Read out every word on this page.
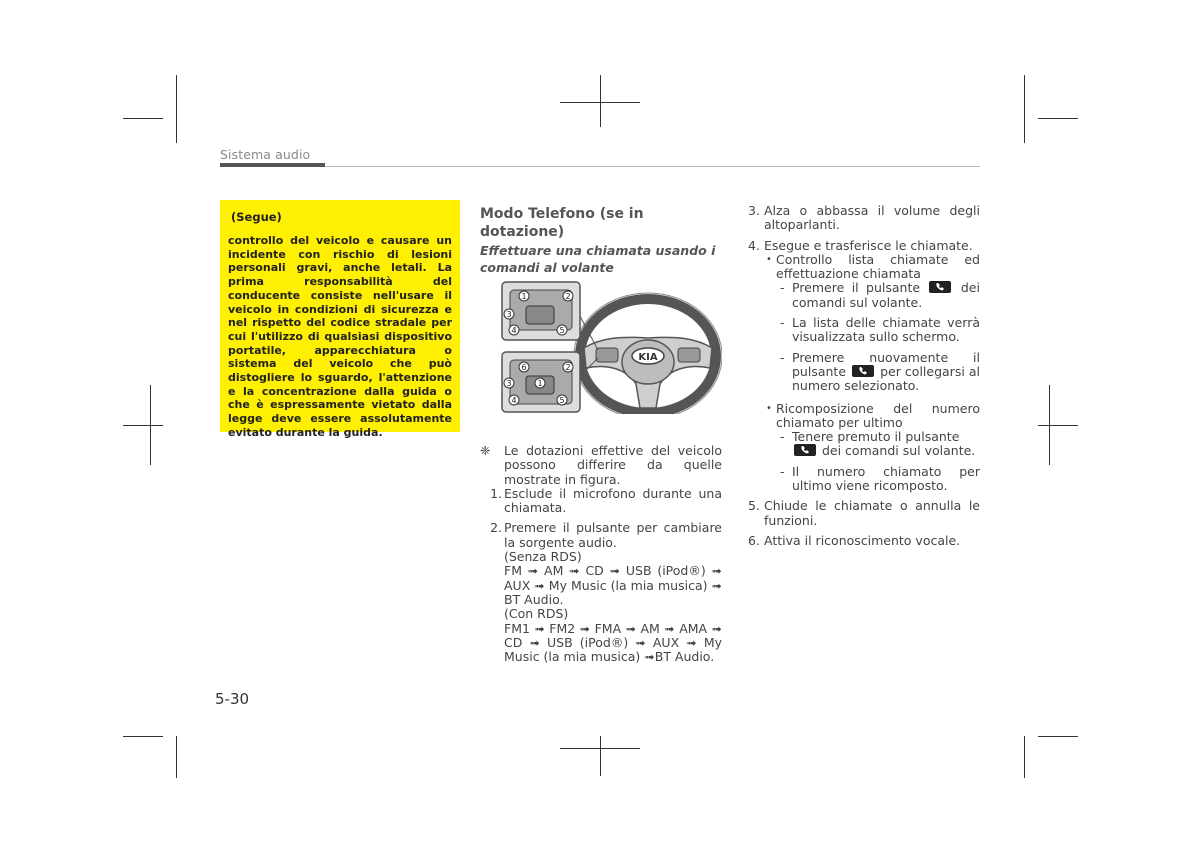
Sistema audio
(Segue)
controllo del veicolo e causare un incidente con rischio di lesioni personali gravi, anche letali. La prima responsabilità del conducente consiste nell'usare il veicolo in condizioni di sicurezza e nel rispetto del codice stradale per cui l'utilizzo di qualsiasi dispositivo portatile, apparecchiatura o sistema del veicolo che può distogliere lo sguardo, l'attenzione e la concentrazione dalla guida o che è espressamente vietato dalla legge deve essere assolutamente evitato durante la guida.
Modo Telefono (se in dotazione)
Effettuare una chiamata usando i comandi al volante
KIA
1	2
3
4	5
6	2
3	1
4	5
❈	Le dotazioni effettive del veicolo possono differire da quelle mostrate in figura.
1. Esclude il microfono durante una chiamata.
2. Premere il pulsante per cambiare la sorgente audio.
(Senza RDS)
FM ➟ AM ➟ CD ➟ USB (iPod®) ➟ AUX ➟ My Music (la mia musica) ➟ BT Audio.
(Con RDS)
FM1 ➟ FM2 ➟ FMA ➟ AM ➟ AMA ➟ CD ➟ USB (iPod®) ➟ AUX ➟ My Music (la mia musica) ➟BT Audio.
3. Alza o abbassa il volume degli altoparlanti.
4. Esegue e trasferisce le chiamate.
• Controllo lista chiamate ed effettuazione chiamata
- Premere il pulsante	dei comandi sul volante.
- La lista delle chiamate verrà visualizzata sullo schermo.
- Premere nuovamente il pulsante	per collegarsi al numero selezionato.
• Ricomposizione del numero chiamato per ultimo
- Tenere premuto il pulsante

dei comandi sul volante.
- Il numero chiamato per ultimo viene ricomposto.
5. Chiude le chiamate o annulla le funzioni.
6. Attiva il riconoscimento vocale.
5-30
